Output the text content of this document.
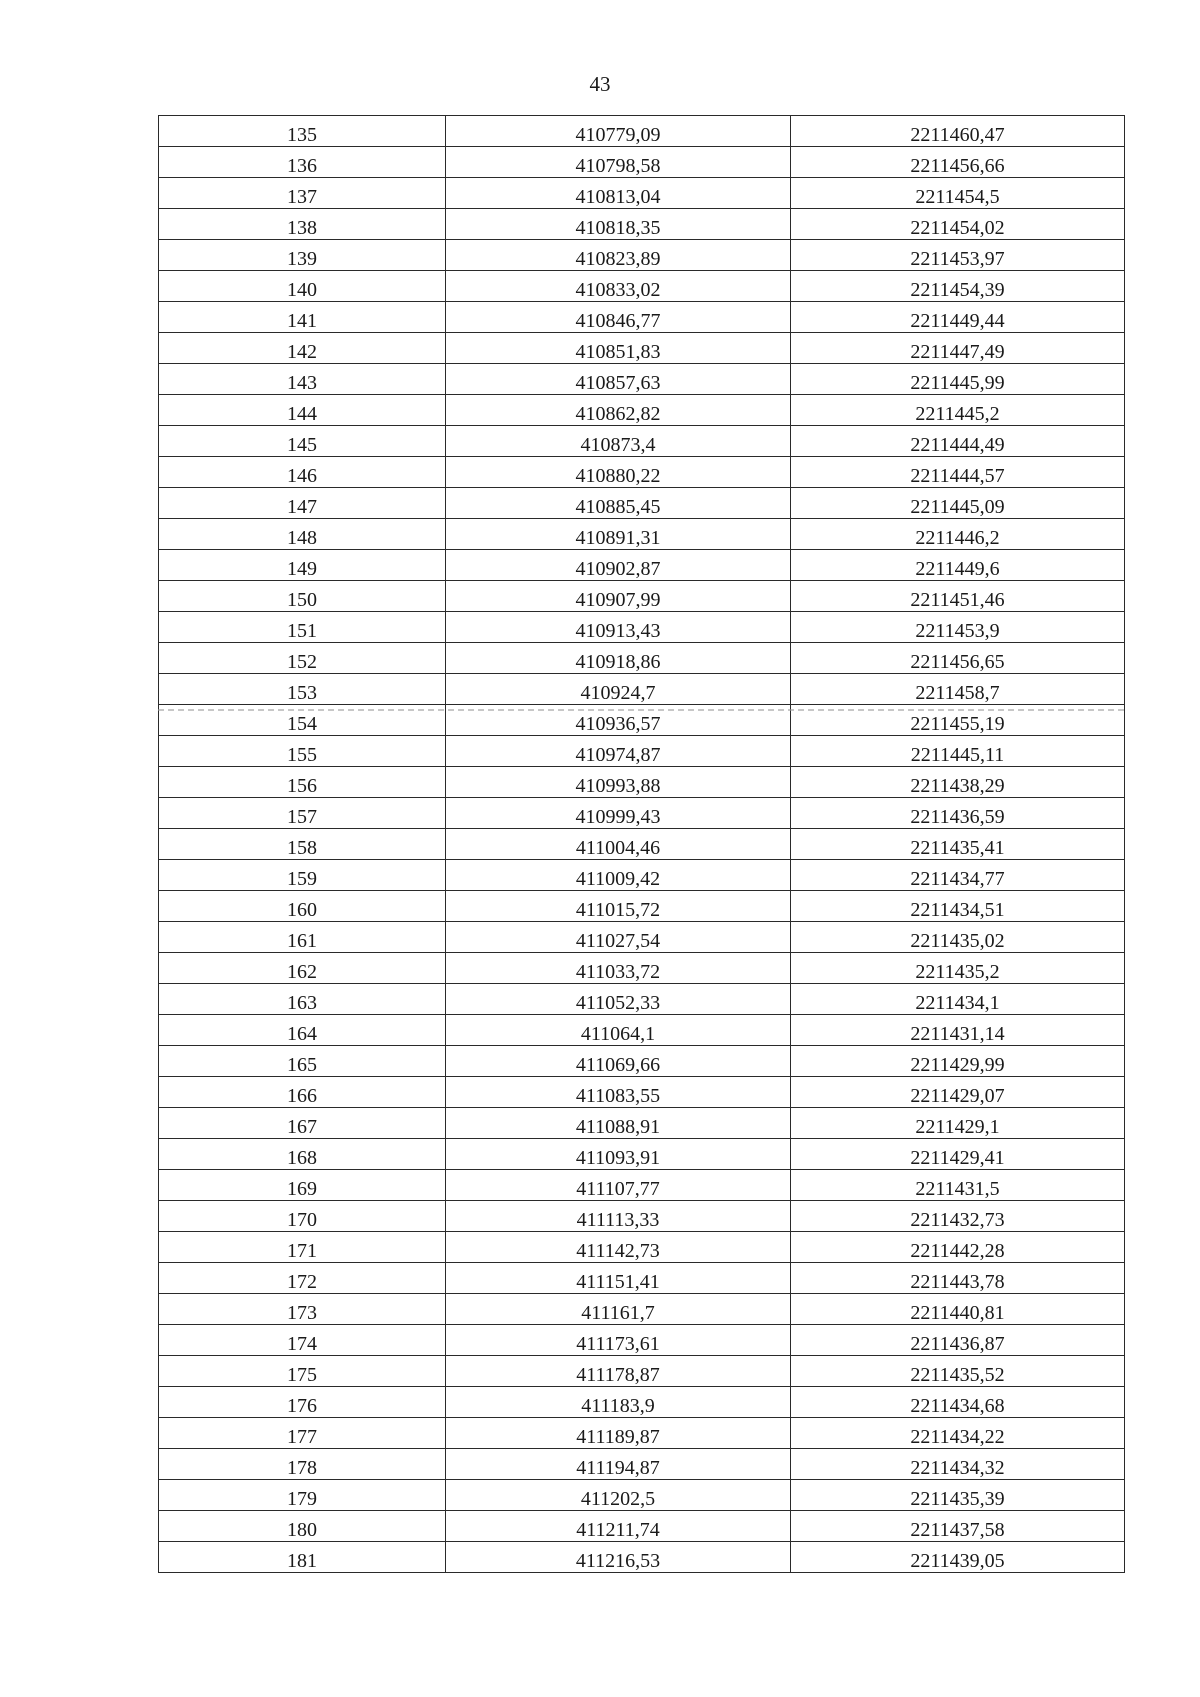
43
135	410779,09	2211460,47
136	410798,58	2211456,66
137	410813,04	2211454,5
138	410818,35	2211454,02
139	410823,89	2211453,97
140	410833,02	2211454,39
141	410846,77	2211449,44
142	410851,83	2211447,49
143	410857,63	2211445,99
144	410862,82	2211445,2
145	410873,4	2211444,49
146	410880,22	2211444,57
147	410885,45	2211445,09
148	410891,31	2211446,2
149	410902,87	2211449,6
150	410907,99	2211451,46
151	410913,43	2211453,9
152	410918,86	2211456,65
153	410924,7	2211458,7
154	410936,57	2211455,19
155	410974,87	2211445,11
156	410993,88	2211438,29
157	410999,43	2211436,59
158	411004,46	2211435,41
159	411009,42	2211434,77
160	411015,72	2211434,51
161	411027,54	2211435,02
162	411033,72	2211435,2
163	411052,33	2211434,1
164	411064,1	2211431,14
165	411069,66	2211429,99
166	411083,55	2211429,07
167	411088,91	2211429,1
168	411093,91	2211429,41
169	411107,77	2211431,5
170	411113,33	2211432,73
171	411142,73	2211442,28
172	411151,41	2211443,78
173	411161,7	2211440,81
174	411173,61	2211436,87
175	411178,87	2211435,52
176	411183,9	2211434,68
177	411189,87	2211434,22
178	411194,87	2211434,32
179	411202,5	2211435,39
180	411211,74	2211437,58
181	411216,53	2211439,05
